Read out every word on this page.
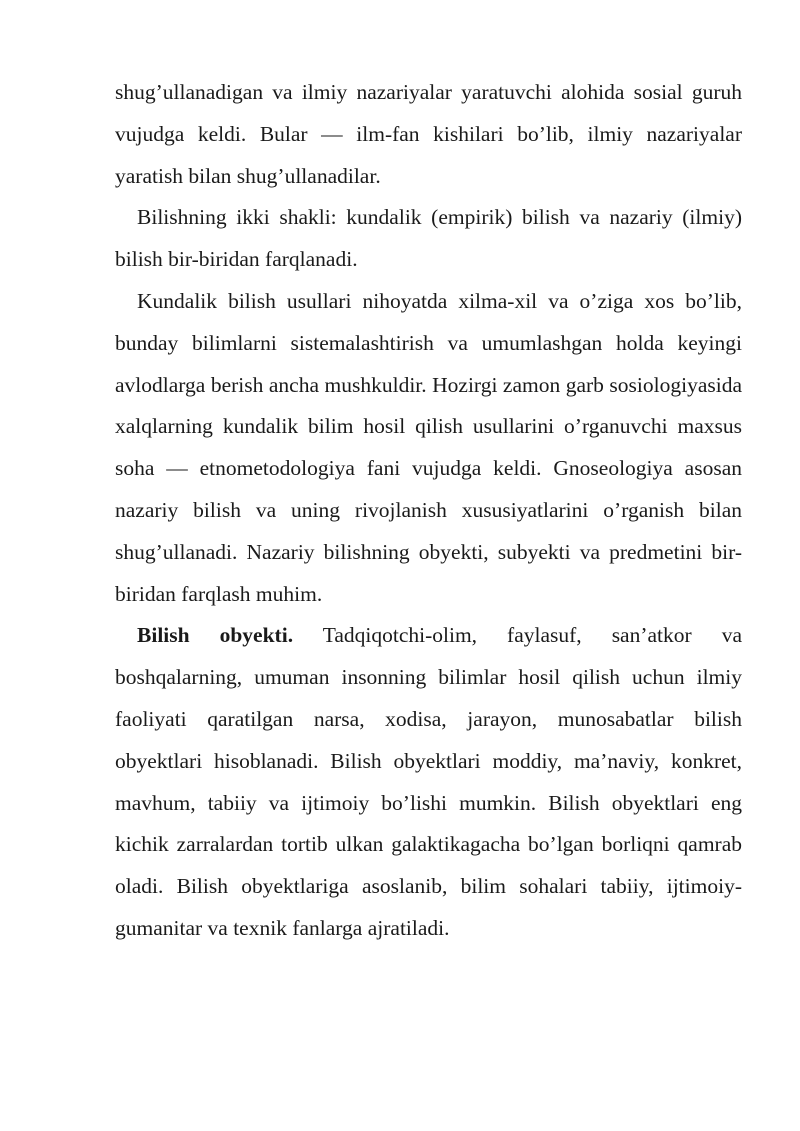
shug’ullanadigan va ilmiy nazariyalar yaratuvchi alohida sosial guruh vujudga keldi. Bular — ilm-fan kishilari bo’lib, ilmiy nazariyalar yaratish bilan shug’ullanadilar.

Bilishning ikki shakli: kundalik (empirik) bilish va nazariy (ilmiy) bilish bir-biridan farqlanadi.

Kundalik bilish usullari nihoyatda xilma-xil va o’ziga xos bo’lib, bunday bilimlarni sistemalashtirish va umumlashgan holda keyingi avlodlarga berish ancha mushkuldir. Hozirgi zamon garb sosiologiyasida xalqlarning kundalik bilim hosil qilish usullarini o’rganuvchi maxsus soha — etnometodologiya fani vujudga keldi. Gnoseologiya asosan nazariy bilish va uning rivojlanish xususiyatlarini o’rganish bilan shug’ullanadi. Nazariy bilishning obyekti, subyekti va predmetini bir-biridan farqlash muhim.

Bilish obyekti. Tadqiqotchi-olim, faylasuf, san’atkor va boshqalarning, umuman insonning bilimlar hosil qilish uchun ilmiy faoliyati qaratilgan narsa, xodisa, jarayon, munosabatlar bilish obyektlari hisoblanadi. Bilish obyektlari moddiy, ma’naviy, konkret, mavhum, tabiiy va ijtimoiy bo’lishi mumkin. Bilish obyektlari eng kichik zarralardan tortib ulkan galaktikagacha bo’lgan borliqni qamrab oladi. Bilish obyektlariga asoslanib, bilim sohalari tabiiy, ijtimoiy-gumanitar va texnik fanlarga ajratiladi.
